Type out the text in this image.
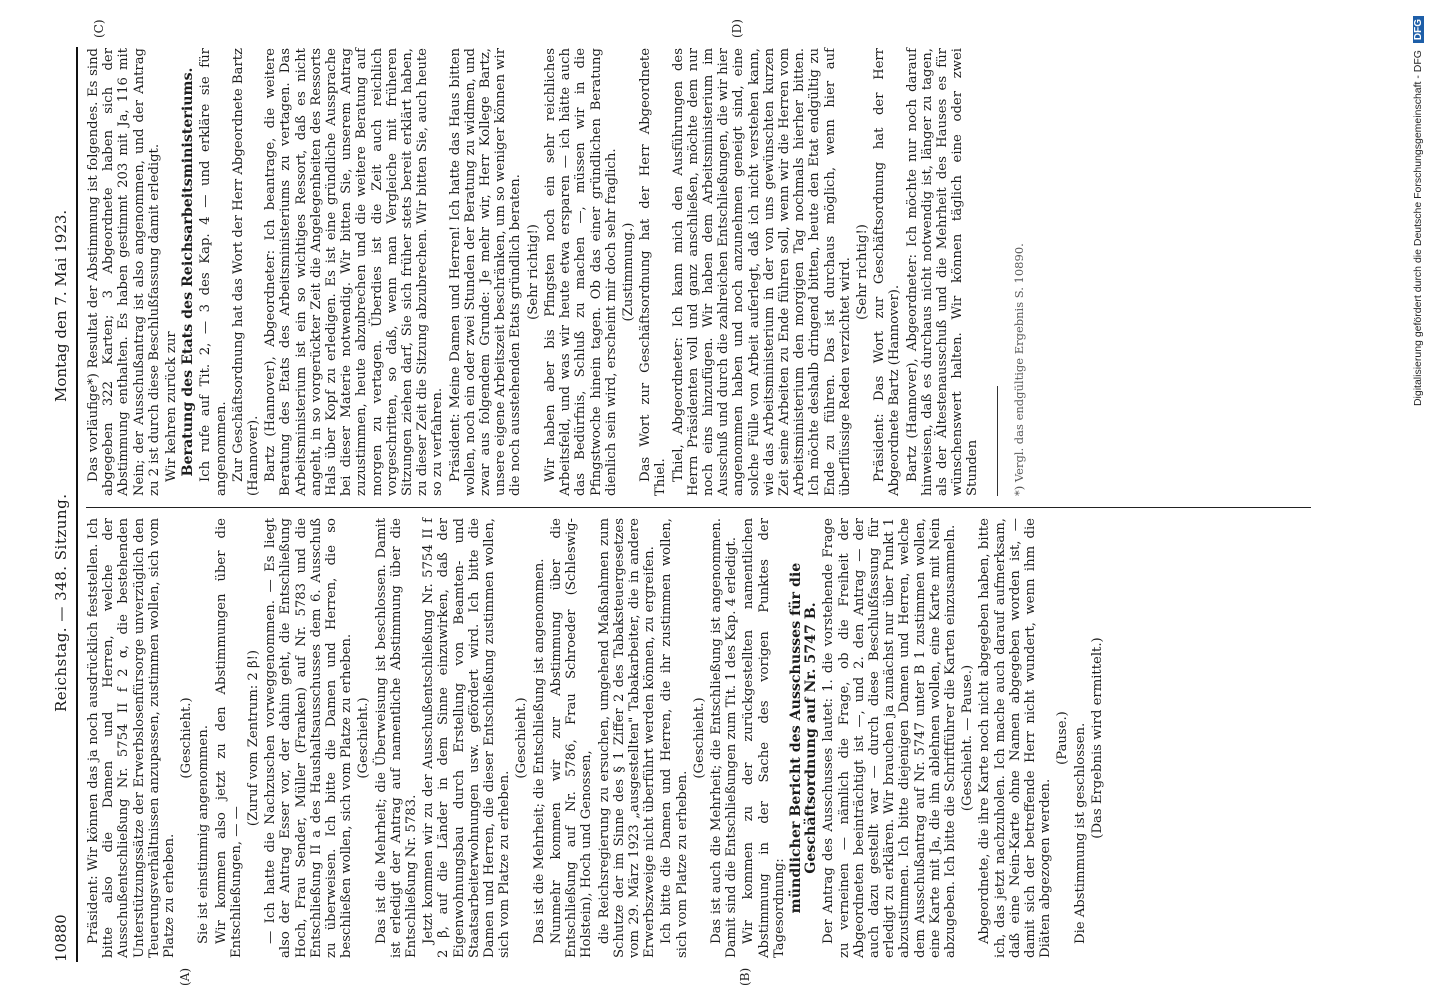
10880
Reichstag. — 348. Sitzung.
Montag den 7. Mai 1923.
(A)	(B)
(C)	(D)

Präsident: Wir können das ja noch ausdrücklich feststellen. Ich bitte also die Damen und Herren, welche der Ausschußentschließung Nr. 5754 II f 2 α, die bestehenden Unterstützungssätze der Erwerbslosenfürsorge unverzüglich den Teuerungsverhältnissen anzupassen, zustimmen wollen, sich vom Platze zu erheben.

(Geschieht.) Sie ist einstimmig angenommen. Wir kommen also jetzt zu den Abstimmungen über die Entschließungen, — —

(Zuruf vom Zentrum: 2 β!) — Ich hatte die Nachzuschen vorweggenommen. — Es liegt also der Antrag Esser vor, der dahin geht, die Entschließung Hoch, Frau Sender, Müller (Franken) auf Nr. 5783 und die Entschließung II a des Haushaltsausschusses dem 6. Ausschuß zu überweisen. Ich bitte die Damen und Herren, die so beschließen wollen, sich vom Platze zu erheben. (Geschieht.) Das ist die Mehrheit; die Überweisung ist beschlossen. Damit ist erledigt der Antrag auf namentliche Abstimmung über die Entschließung Nr. 5783. Jetzt kommen wir zu der Ausschußentschließung Nr. 5754 II f 2 β, auf die Länder in dem Sinne einzuwirken, daß der Eigenwohnungsbau durch Erstellung von Beamten- und Staatsarbeiterwohnungen usw. gefördert wird. Ich bitte die Damen und Herren, die dieser Entschließung zustimmen wollen, sich vom Platze zu erheben.

(Geschieht.) Das ist die Mehrheit; die Entschließung ist angenommen. Nunmehr kommen wir zur Abstimmung über die Entschließung auf Nr. 5786, Frau Schroeder (Schleswig-Holstein), Hoch und Genossen, die Reichsregierung zu ersuchen, umgehend Maßnahmen zum Schutze der im Sinne des § 1 Ziffer 2 des Tabaksteuergesetzes vom 29. März 1923 „ausgestellten" Tabakarbeiter, die in andere Erwerbszweige nicht überführt werden können, zu ergreifen. Ich bitte die Damen und Herren, die ihr zustimmen wollen, sich vom Platze zu erheben.

(Geschieht.) Das ist auch die Mehrheit; die Entschließung ist angenommen. Damit sind die Entschließungen zum Tit. 1 des Kap. 4 erledigt. Wir kommen zu der zurückgestellten namentlichen Abstimmung in der Sache des vorigen Punktes der Tagesordnung: mündlicher Bericht des Ausschusses für die Geschäftsordnung auf Nr. 5747 B. Der Antrag des Ausschusses lautet: 1. die vorstehende Frage zu verneinen — nämlich die Frage, ob die Freiheit der Abgeordneten beeinträchtigt ist —, und 2. den Antrag — der auch dazu gestellt war — durch diese Beschlußfassung für erledigt zu erklären. Wir brauchen ja zunächst nur über Punkt 1 abzustimmen. Ich bitte diejenigen Damen und Herren, welche dem Ausschußantrag auf Nr. 5747 unter B 1 zustimmen wollen, eine Karte mit Ja, die ihn ablehnen wollen, eine Karte mit Nein abzugeben. Ich bitte die Schriftführer die Karten einzusammeln. (Geschieht. — Pause.) Abgeordnete, die ihre Karte noch nicht abgegeben haben, bitte ich, das jetzt nachzuholen. Ich mache auch darauf aufmerksam, daß eine Nein-Karte ohne Namen abgegeben worden ist, — damit sich der betreffende Herr nicht wundert, wenn ihm die Diäten abgezogen werden.

(Pause.) Die Abstimmung ist geschlossen. (Das Ergebnis wird ermittelt.)

Das vorläufige*) Resultat der Abstimmung ist folgendes. Es sind abgegeben 322 Karten; 3 Abgeordnete haben sich der Abstimmung enthalten. Es haben gestimmt 203 mit Ja, 116 mit Nein; der Ausschußantrag ist also angenommen, und der Antrag zu 2 ist durch diese Beschlußfassung damit erledigt. Wir kehren zurück zur Beratung des Etats des Reichsarbeitsministeriums. Ich rufe auf Tit. 2, — 3 des Kap. 4 — und erkläre sie für angenommen. Zur Geschäftsordnung hat das Wort der Herr Abgeordnete Bartz (Hannover). Bartz (Hannover), Abgeordneter: Ich beantrage, die weitere Beratung des Etats des Arbeitsministeriums zu vertagen. Das Arbeitsministerium ist ein so wichtiges Ressort, daß es nicht angeht, in so vorgerückter Zeit die Angelegenheiten des Ressorts Hals über Kopf zu erledigen. Es ist eine gründliche Aussprache bei dieser Materie notwendig. Wir bitten Sie, unserem Antrag zuzustimmen, heute abzubrechen und die weitere Beratung auf morgen zu vertagen. Überdies ist die Zeit auch reichlich vorgeschritten, so daß, wenn man Vergleiche mit früheren Sitzungen ziehen darf, Sie sich früher stets bereit erklärt haben, zu dieser Zeit die Sitzung abzubrechen. Wir bitten Sie, auch heute so zu verfahren. Präsident: Meine Damen und Herren! Ich hatte das Haus bitten wollen, noch ein oder zwei Stunden der Beratung zu widmen, und zwar aus folgendem Grunde: Je mehr wir, Herr Kollege Bartz, unsere eigene Arbeitszeit beschränken, um so weniger können wir die noch ausstehenden Etats gründlich beraten. (Sehr richtig!) Wir haben aber bis Pfingsten noch ein sehr reichliches Arbeitsfeld, und was wir heute etwa ersparen — ich hätte auch das Bedürfnis, Schluß zu machen —, müssen wir in die Pfingstwoche hinein tagen. Ob das einer gründlichen Beratung dienlich sein wird, erscheint mir doch sehr fraglich. (Zustimmung.) Das Wort zur Geschäftsordnung hat der Herr Abgeordnete Thiel. Thiel, Abgeordneter: Ich kann mich den Ausführungen des Herrn Präsidenten voll und ganz anschließen, möchte dem nur noch eins hinzufügen. Wir haben dem Arbeitsministerium im Ausschuß und durch die zahlreichen Entschließungen, die wir hier angenommen haben und noch anzunehmen geneigt sind, eine solche Fülle von Arbeit auferlegt, daß ich nicht verstehen kann, wie das Arbeitsministerium in der von uns gewünschten kurzen Zeit seine Arbeiten zu Ende führen soll, wenn wir die Herren vom Arbeitsministerium den morgigen Tag nochmals hierher bitten. Ich möchte deshalb dringend bitten, heute den Etat endgültig zu Ende zu führen. Das ist durchaus möglich, wenn hier auf überflüssige Reden verzichtet wird. (Sehr richtig!) Präsident: Das Wort zur Geschäftsordnung hat der Herr Abgeordnete Bartz (Hannover). Bartz (Hannover), Abgeordneter: Ich möchte nur noch darauf hinweisen, daß es durchaus nicht notwendig ist, länger zu tagen, als der Ältestenausschuß und die Mehrheit des Hauses es für wünschenswert halten. Wir können täglich eine oder zwei Stunden	*) Vergl. das endgültige Ergebnis S. 10890.	Digitalisierung gefördert durch die Deutsche Forschungsgemeinschaft - DFG DFG
